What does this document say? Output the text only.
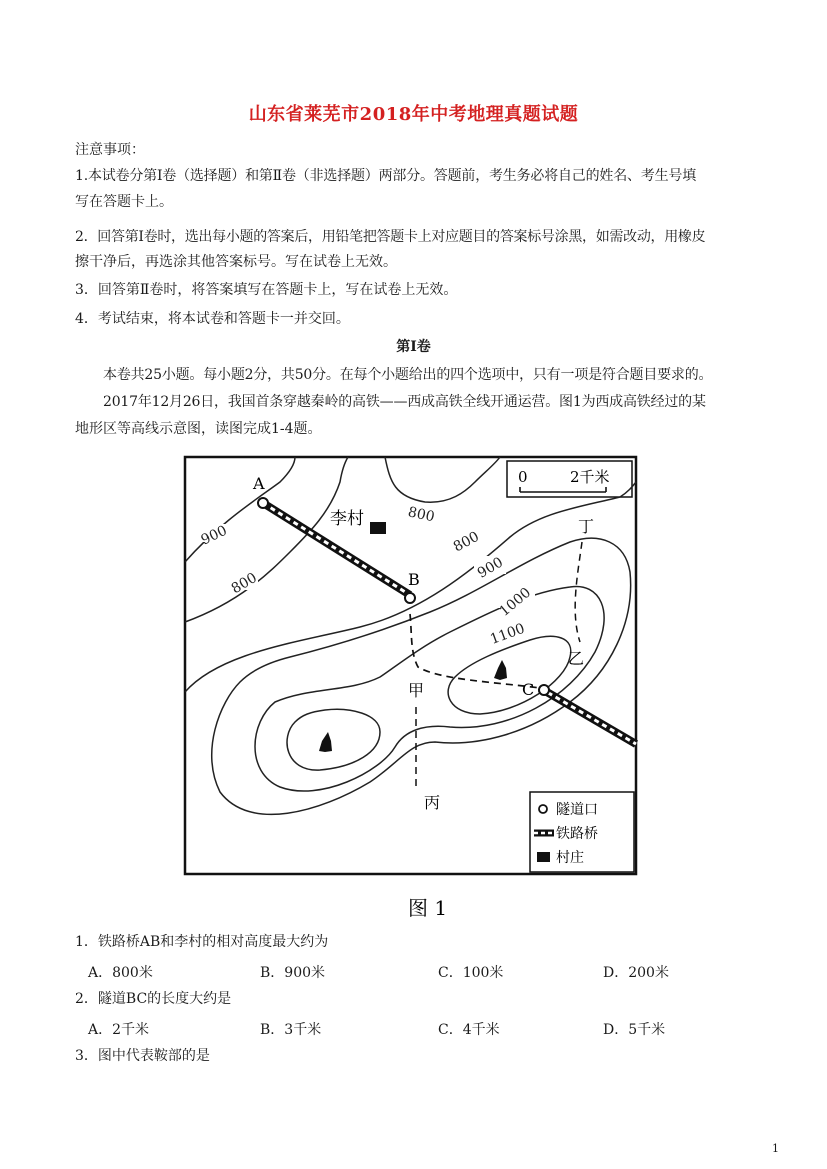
山东省莱芜市2018年中考地理真题试题
注意事项：
1.本试卷分第Ⅰ卷（选择题）和第Ⅱ卷（非选择题）两部分。答题前，考生务必将自己的姓名、考生号填
写在答题卡上。
2．回答第Ⅰ卷时，选出每小题的答案后，用铅笔把答题卡上对应题目的答案标号涂黑，如需改动，用橡皮
擦干净后，再选涂其他答案标号。写在试卷上无效。
3．回答第Ⅱ卷时，将答案填写在答题卡上，写在试卷上无效。
4．考试结束，将本试卷和答题卡一并交回。
第Ⅰ卷
本卷共25小题。每小题2分，共50分。在每个小题给出的四个选项中，只有一项是符合题目要求的。
2017年12月26日，我国首条穿越秦岭的高铁——西成高铁全线开通运营。图1为西成高铁经过的某
地形区等高线示意图，读图完成1-4题。
0	2千米
900
800
800
800
900
1000
1100
A
B
C
李村
甲
乙
丙
丁
隧道口
铁路桥
村庄
图 1
1．铁路桥AB和李村的相对高度最大约为
A．800米	B．900米	C．100米	D．200米
2．隧道BC的长度大约是
A．2千米	B．3千米	C．4千米	D．5千米
3．图中代表鞍部的是
1
